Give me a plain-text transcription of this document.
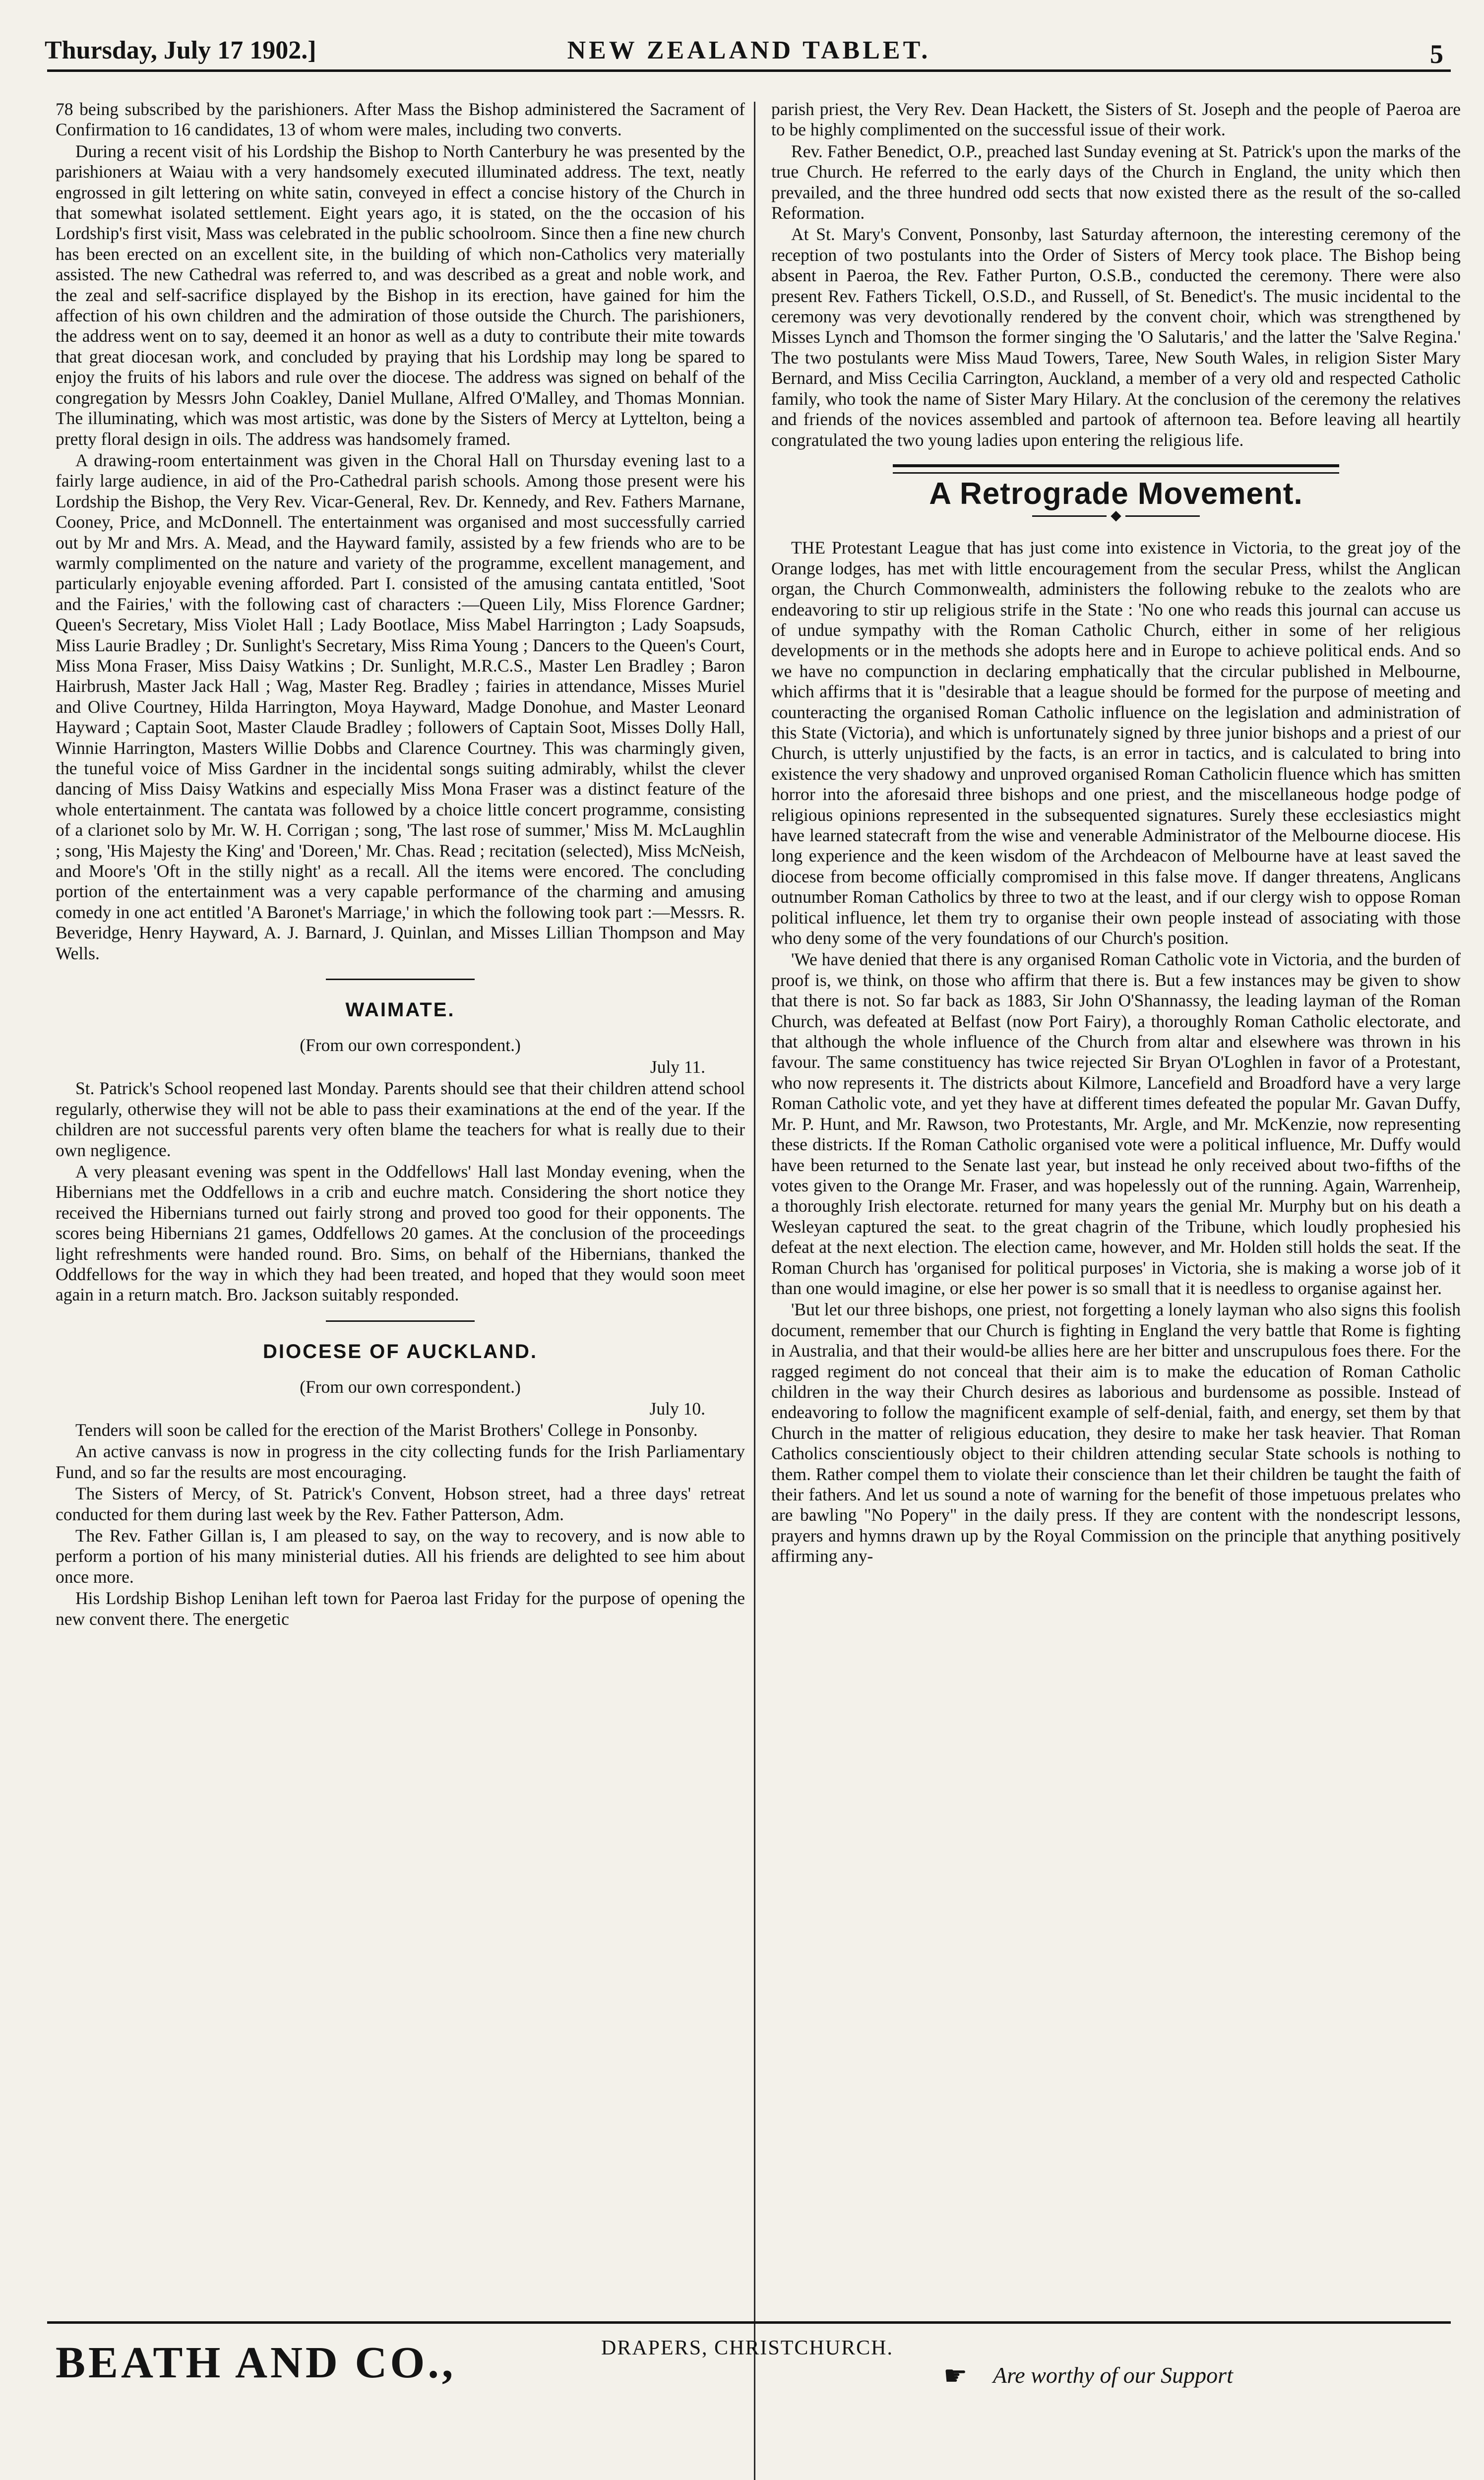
Thursday, July 17 1902.]	NEW ZEALAND TABLET.	5

78 being subscribed by the parishioners. After Mass the Bishop administered the Sacrament of Confirmation to 16 candidates, 13 of whom were males, including two converts.

During a recent visit of his Lordship the Bishop to North Canterbury he was presented by the parishioners at Waiau with a very handsomely executed illuminated address. The text, neatly engrossed in gilt lettering on white satin, conveyed in effect a concise history of the Church in that somewhat isolated settlement. Eight years ago, it is stated, on the the occasion of his Lordship's first visit, Mass was celebrated in the public schoolroom. Since then a fine new church has been erected on an excellent site, in the building of which non-Catholics very materially assisted. The new Cathedral was referred to, and was described as a great and noble work, and the zeal and self-sacrifice displayed by the Bishop in its erection, have gained for him the affection of his own children and the admiration of those outside the Church. The parishioners, the address went on to say, deemed it an honor as well as a duty to contribute their mite towards that great diocesan work, and concluded by praying that his Lordship may long be spared to enjoy the fruits of his labors and rule over the diocese. The address was signed on behalf of the congregation by Messrs John Coakley, Daniel Mullane, Alfred O'Malley, and Thomas Monnian. The illuminating, which was most artistic, was done by the Sisters of Mercy at Lyttelton, being a pretty floral design in oils. The address was handsomely framed.

A drawing-room entertainment was given in the Choral Hall on Thursday evening last to a fairly large audience, in aid of the Pro-Cathedral parish schools. Among those present were his Lordship the Bishop, the Very Rev. Vicar-General, Rev. Dr. Kennedy, and Rev. Fathers Marnane, Cooney, Price, and McDonnell. The entertainment was organised and most successfully carried out by Mr and Mrs. A. Mead, and the Hayward family, assisted by a few friends who are to be warmly complimented on the nature and variety of the programme, excellent management, and particularly enjoyable evening afforded. Part I. consisted of the amusing cantata entitled, 'Soot and the Fairies,' with the following cast of characters :—Queen Lily, Miss Florence Gardner; Queen's Secretary, Miss Violet Hall ; Lady Bootlace, Miss Mabel Harrington ; Lady Soapsuds, Miss Laurie Bradley ; Dr. Sunlight's Secretary, Miss Rima Young ; Dancers to the Queen's Court, Miss Mona Fraser, Miss Daisy Watkins ; Dr. Sunlight, M.R.C.S., Master Len Bradley ; Baron Hairbrush, Master Jack Hall ; Wag, Master Reg. Bradley ; fairies in attendance, Misses Muriel and Olive Courtney, Hilda Harrington, Moya Hayward, Madge Donohue, and Master Leonard Hayward ; Captain Soot, Master Claude Bradley ; followers of Captain Soot, Misses Dolly Hall, Winnie Harrington, Masters Willie Dobbs and Clarence Courtney. This was charmingly given, the tuneful voice of Miss Gardner in the incidental songs suiting admirably, whilst the clever dancing of Miss Daisy Watkins and especially Miss Mona Fraser was a distinct feature of the whole entertainment. The cantata was followed by a choice little concert programme, consisting of a clarionet solo by Mr. W. H. Corrigan ; song, 'The last rose of summer,' Miss M. McLaughlin ; song, 'His Majesty the King' and 'Doreen,' Mr. Chas. Read ; recitation (selected), Miss McNeish, and Moore's 'Oft in the stilly night' as a recall. All the items were encored. The concluding portion of the entertainment was a very capable performance of the charming and amusing comedy in one act entitled 'A Baronet's Marriage,' in which the following took part :—Messrs. R. Beveridge, Henry Hayward, A. J. Barnard, J. Quinlan, and Misses Lillian Thompson and May Wells.

WAIMATE.

(From our own correspondent.)

July 11.

St. Patrick's School reopened last Monday. Parents should see that their children attend school regularly, otherwise they will not be able to pass their examinations at the end of the year. If the children are not successful parents very often blame the teachers for what is really due to their own negligence.

A very pleasant evening was spent in the Oddfellows' Hall last Monday evening, when the Hibernians met the Oddfellows in a crib and euchre match. Considering the short notice they received the Hibernians turned out fairly strong and proved too good for their opponents. The scores being Hibernians 21 games, Oddfellows 20 games. At the conclusion of the proceedings light refreshments were handed round. Bro. Sims, on behalf of the Hibernians, thanked the Oddfellows for the way in which they had been treated, and hoped that they would soon meet again in a return match. Bro. Jackson suitably responded.

DIOCESE OF AUCKLAND.

(From our own correspondent.)

July 10.

Tenders will soon be called for the erection of the Marist Brothers' College in Ponsonby.

An active canvass is now in progress in the city collecting funds for the Irish Parliamentary Fund, and so far the results are most encouraging.

The Sisters of Mercy, of St. Patrick's Convent, Hobson street, had a three days' retreat conducted for them during last week by the Rev. Father Patterson, Adm.

The Rev. Father Gillan is, I am pleased to say, on the way to recovery, and is now able to perform a portion of his many ministerial duties. All his friends are delighted to see him about once more.

His Lordship Bishop Lenihan left town for Paeroa last Friday for the purpose of opening the new convent there. The energetic

parish priest, the Very Rev. Dean Hackett, the Sisters of St. Joseph and the people of Paeroa are to be highly complimented on the successful issue of their work.

Rev. Father Benedict, O.P., preached last Sunday evening at St. Patrick's upon the marks of the true Church. He referred to the early days of the Church in England, the unity which then prevailed, and the three hundred odd sects that now existed there as the result of the so-called Reformation.

At St. Mary's Convent, Ponsonby, last Saturday afternoon, the interesting ceremony of the reception of two postulants into the Order of Sisters of Mercy took place. The Bishop being absent in Paeroa, the Rev. Father Purton, O.S.B., conducted the ceremony. There were also present Rev. Fathers Tickell, O.S.D., and Russell, of St. Benedict's. The music incidental to the ceremony was very devotionally rendered by the convent choir, which was strengthened by Misses Lynch and Thomson the former singing the 'O Salutaris,' and the latter the 'Salve Regina.' The two postulants were Miss Maud Towers, Taree, New South Wales, in religion Sister Mary Bernard, and Miss Cecilia Carrington, Auckland, a member of a very old and respected Catholic family, who took the name of Sister Mary Hilary. At the conclusion of the ceremony the relatives and friends of the novices assembled and partook of afternoon tea. Before leaving all heartily congratulated the two young ladies upon entering the religious life.

A Retrograde Movement.
◆

THE Protestant League that has just come into existence in Victoria, to the great joy of the Orange lodges, has met with little encouragement from the secular Press, whilst the Anglican organ, the Church Commonwealth, administers the following rebuke to the zealots who are endeavoring to stir up religious strife in the State : 'No one who reads this journal can accuse us of undue sympathy with the Roman Catholic Church, either in some of her religious developments or in the methods she adopts here and in Europe to achieve political ends. And so we have no compunction in declaring emphatically that the circular published in Melbourne, which affirms that it is "desirable that a league should be formed for the purpose of meeting and counteracting the organised Roman Catholic influence on the legislation and administration of this State (Victoria), and which is unfortunately signed by three junior bishops and a priest of our Church, is utterly unjustified by the facts, is an error in tactics, and is calculated to bring into existence the very shadowy and unproved organised Roman Catholicin fluence which has smitten horror into the aforesaid three bishops and one priest, and the miscellaneous hodge podge of religious opinions represented in the subsequented signatures. Surely these ecclesiastics might have learned statecraft from the wise and venerable Administrator of the Melbourne diocese. His long experience and the keen wisdom of the Archdeacon of Melbourne have at least saved the diocese from become officially compromised in this false move. If danger threatens, Anglicans outnumber Roman Catholics by three to two at the least, and if our clergy wish to oppose Roman political influence, let them try to organise their own people instead of associating with those who deny some of the very foundations of our Church's position.

'We have denied that there is any organised Roman Catholic vote in Victoria, and the burden of proof is, we think, on those who affirm that there is. But a few instances may be given to show that there is not. So far back as 1883, Sir John O'Shannassy, the leading layman of the Roman Church, was defeated at Belfast (now Port Fairy), a thoroughly Roman Catholic electorate, and that although the whole influence of the Church from altar and elsewhere was thrown in his favour. The same constituency has twice rejected Sir Bryan O'Loghlen in favor of a Protestant, who now represents it. The districts about Kilmore, Lancefield and Broadford have a very large Roman Catholic vote, and yet they have at different times defeated the popular Mr. Gavan Duffy, Mr. P. Hunt, and Mr. Rawson, two Protestants, Mr. Argle, and Mr. McKenzie, now representing these districts. If the Roman Catholic organised vote were a political influence, Mr. Duffy would have been returned to the Senate last year, but instead he only received about two-fifths of the votes given to the Orange Mr. Fraser, and was hopelessly out of the running. Again, Warrenheip, a thoroughly Irish electorate. returned for many years the genial Mr. Murphy but on his death a Wesleyan captured the seat. to the great chagrin of the Tribune, which loudly prophesied his defeat at the next election. The election came, however, and Mr. Holden still holds the seat. If the Roman Church has 'organised for political purposes' in Victoria, she is making a worse job of it than one would imagine, or else her power is so small that it is needless to organise against her.

'But let our three bishops, one priest, not forgetting a lonely layman who also signs this foolish document, remember that our Church is fighting in England the very battle that Rome is fighting in Australia, and that their would-be allies here are her bitter and unscrupulous foes there. For the ragged regiment do not conceal that their aim is to make the education of Roman Catholic children in the way their Church desires as laborious and burdensome as possible. Instead of endeavoring to follow the magnificent example of self-denial, faith, and energy, set them by that Church in the matter of religious education, they desire to make her task heavier. That Roman Catholics conscientiously object to their children attending secular State schools is nothing to them. Rather compel them to violate their conscience than let their children be taught the faith of their fathers. And let us sound a note of warning for the benefit of those impetuous prelates who are bawling "No Popery" in the daily press. If they are content with the nondescript lessons, prayers and hymns drawn up by the Royal Commission on the principle that anything positively affirming any-

BEATH AND CO.,	DRAPERS, CHRISTCHURCH.
☛ Are worthy of our Support
